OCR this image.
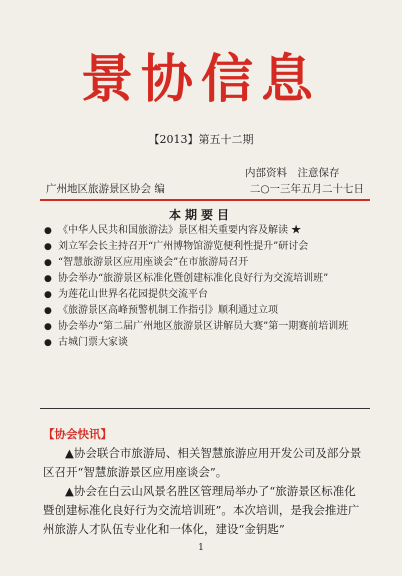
景协信息
【2013】第五十二期
内部资料　注意保存
广州地区旅游景区协会 编	二○一三年五月二十七日
本期要目
● 《中华人民共和国旅游法》景区相关重要内容及解读 ★
● 刘立军会长主持召开“广州博物馆游览便利性提升”研讨会
● “智慧旅游景区应用座谈会”在市旅游局召开
● 协会举办“旅游景区标准化暨创建标准化良好行为交流培训班”
● 为莲花山世界名花园提供交流平台
● 《旅游景区高峰预警机制工作指引》顺利通过立项
● 协会举办“第二届广州地区旅游景区讲解员大赛”第一期赛前培训班
● 古城门票大家谈
【协会快讯】

▲协会联合市旅游局、相关智慧旅游应用开发公司及部分景区召开“智慧旅游景区应用座谈会”。

▲协会在白云山风景名胜区管理局举办了“旅游景区标准化暨创建标准化良好行为交流培训班”。本次培训，是我会推进广州旅游人才队伍专业化和一体化，建设“金钥匙”

1
